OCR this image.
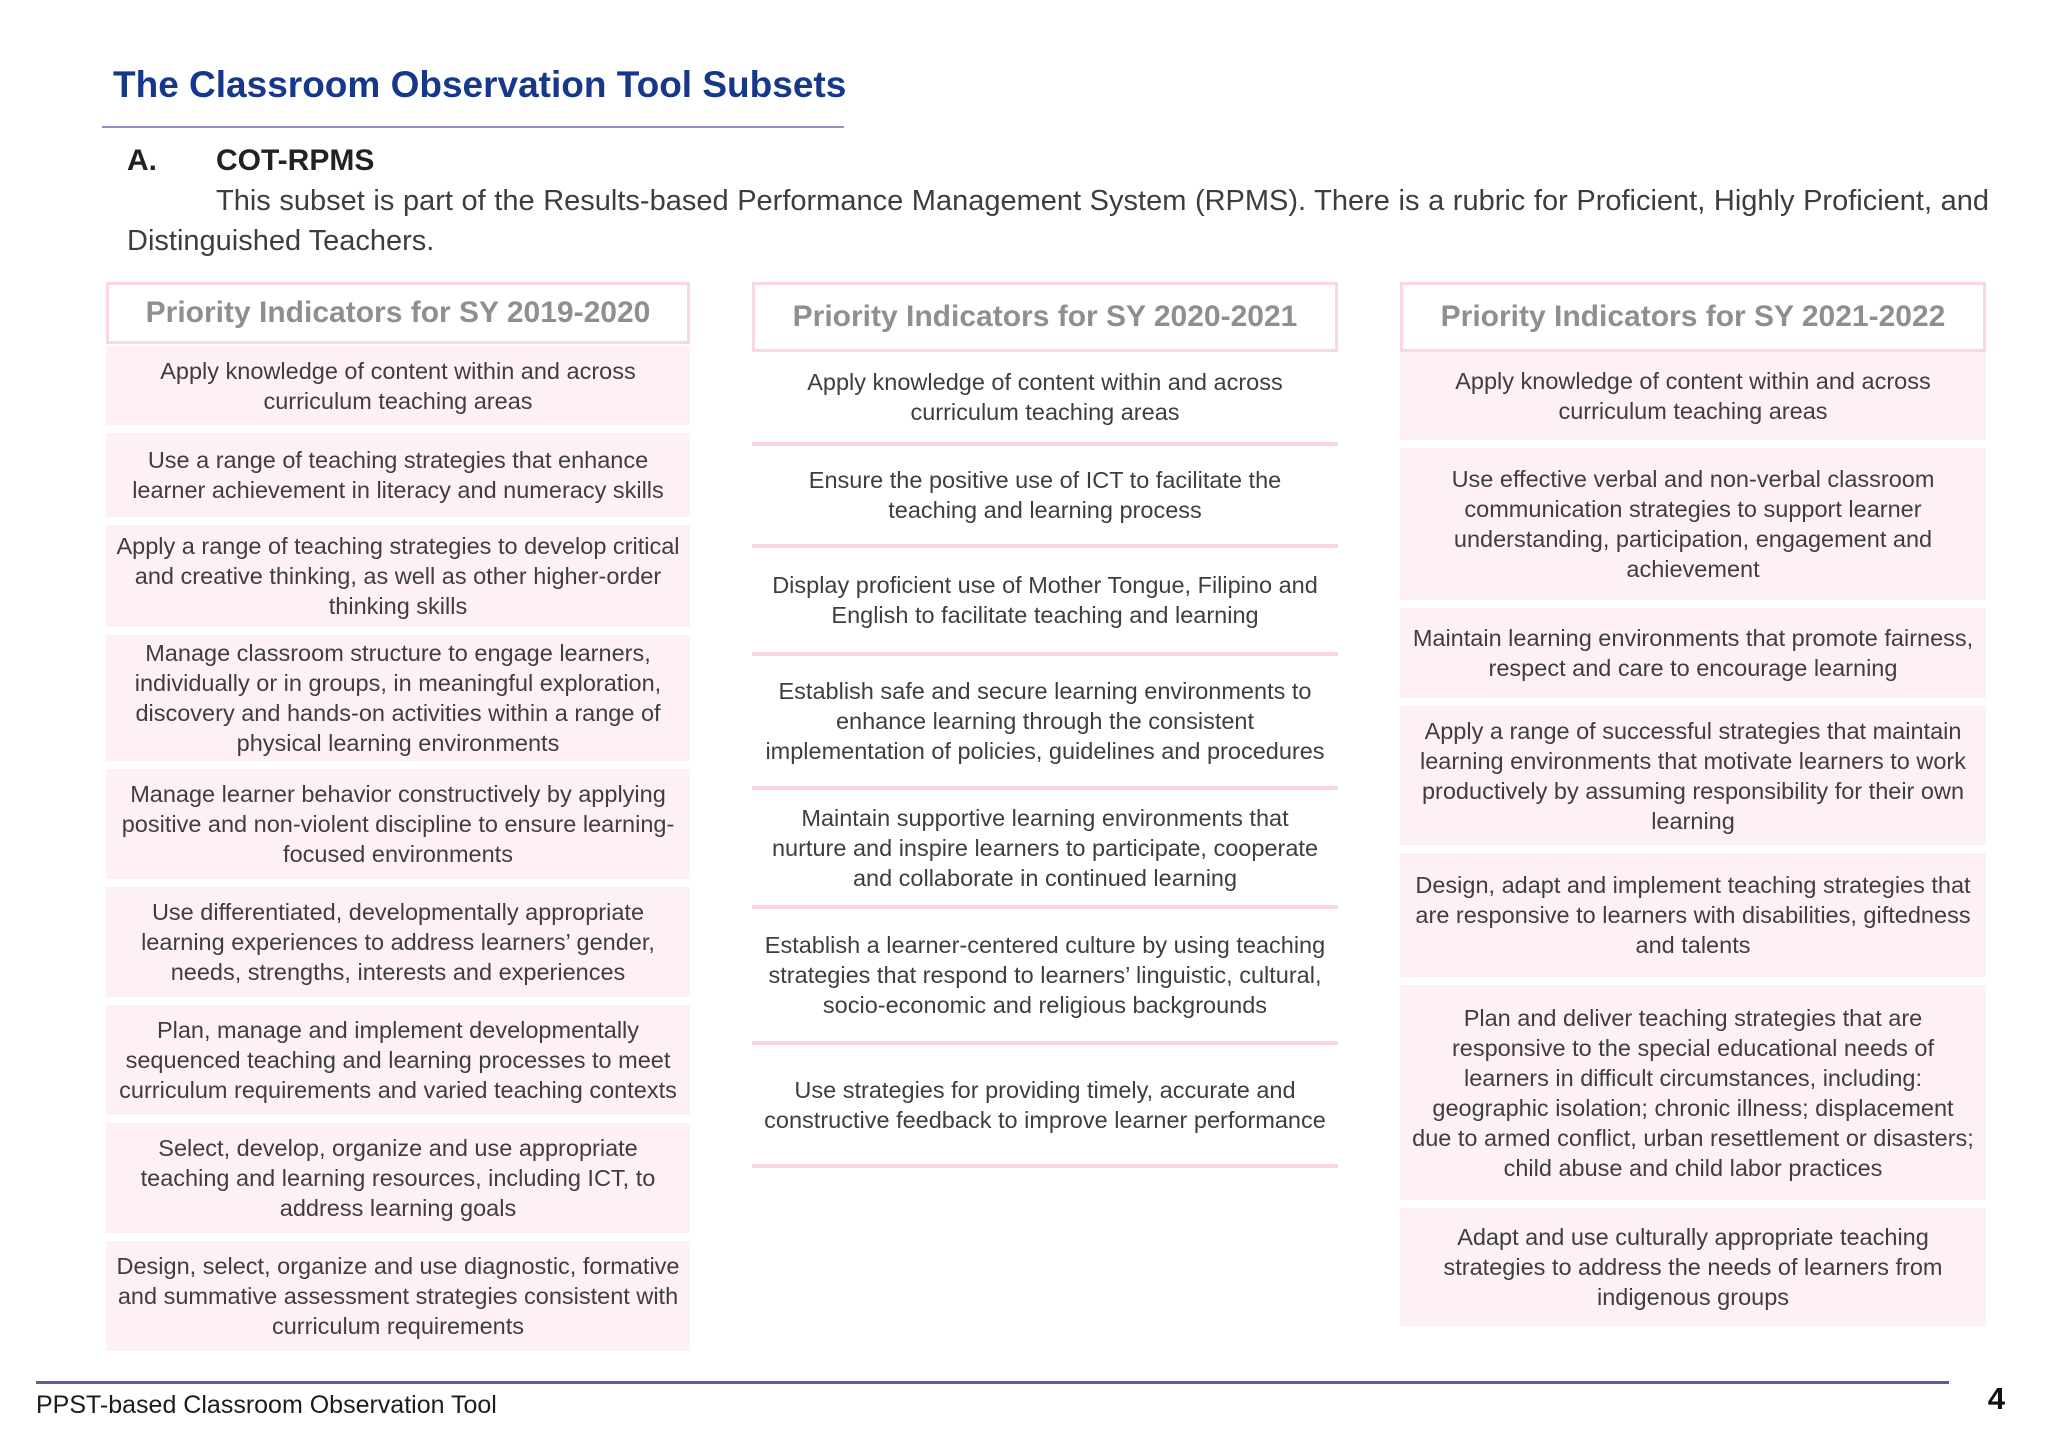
The Classroom Observation Tool Subsets
A. COT-RPMS

This subset is part of the Results-based Performance Management System (RPMS). There is a rubric for Proficient, Highly Proficient, and Distinguished Teachers.

Priority Indicators for SY 2019-2020
Apply knowledge of content within and across curriculum teaching areas
Use a range of teaching strategies that enhance learner achievement in literacy and numeracy skills
Apply a range of teaching strategies to develop critical and creative thinking, as well as other higher-order thinking skills
Manage classroom structure to engage learners, individually or in groups, in meaningful exploration, discovery and hands-on activities within a range of physical learning environments
Manage learner behavior constructively by applying positive and non-violent discipline to ensure learning-focused environments
Use differentiated, developmentally appropriate learning experiences to address learners’ gender, needs, strengths, interests and experiences
Plan, manage and implement developmentally sequenced teaching and learning processes to meet curriculum requirements and varied teaching contexts
Select, develop, organize and use appropriate teaching and learning resources, including ICT, to address learning goals
Design, select, organize and use diagnostic, formative and summative assessment strategies consistent with curriculum requirements
Priority Indicators for SY 2020-2021
Apply knowledge of content within and across curriculum teaching areas
Ensure the positive use of ICT to facilitate the teaching and learning process
Display proficient use of Mother Tongue, Filipino and English to facilitate teaching and learning
Establish safe and secure learning environments to enhance learning through the consistent implementation of policies, guidelines and procedures
Maintain supportive learning environments that nurture and inspire learners to participate, cooperate and collaborate in continued learning
Establish a learner-centered culture by using teaching strategies that respond to learners’ linguistic, cultural, socio-economic and religious backgrounds
Use strategies for providing timely, accurate and constructive feedback to improve learner performance
Priority Indicators for SY 2021-2022
Apply knowledge of content within and across curriculum teaching areas
Use effective verbal and non-verbal classroom communication strategies to support learner understanding, participation, engagement and achievement
Maintain learning environments that promote fairness, respect and care to encourage learning
Apply a range of successful strategies that maintain learning environments that motivate learners to work productively by assuming responsibility for their own learning
Design, adapt and implement teaching strategies that are responsive to learners with disabilities, giftedness and talents
Plan and deliver teaching strategies that are responsive to the special educational needs of learners in difficult circumstances, including: geographic isolation; chronic illness; displacement due to armed conflict, urban resettlement or disasters; child abuse and child labor practices
Adapt and use culturally appropriate teaching strategies to address the needs of learners from indigenous groups
PPST-based Classroom Observation Tool	4
